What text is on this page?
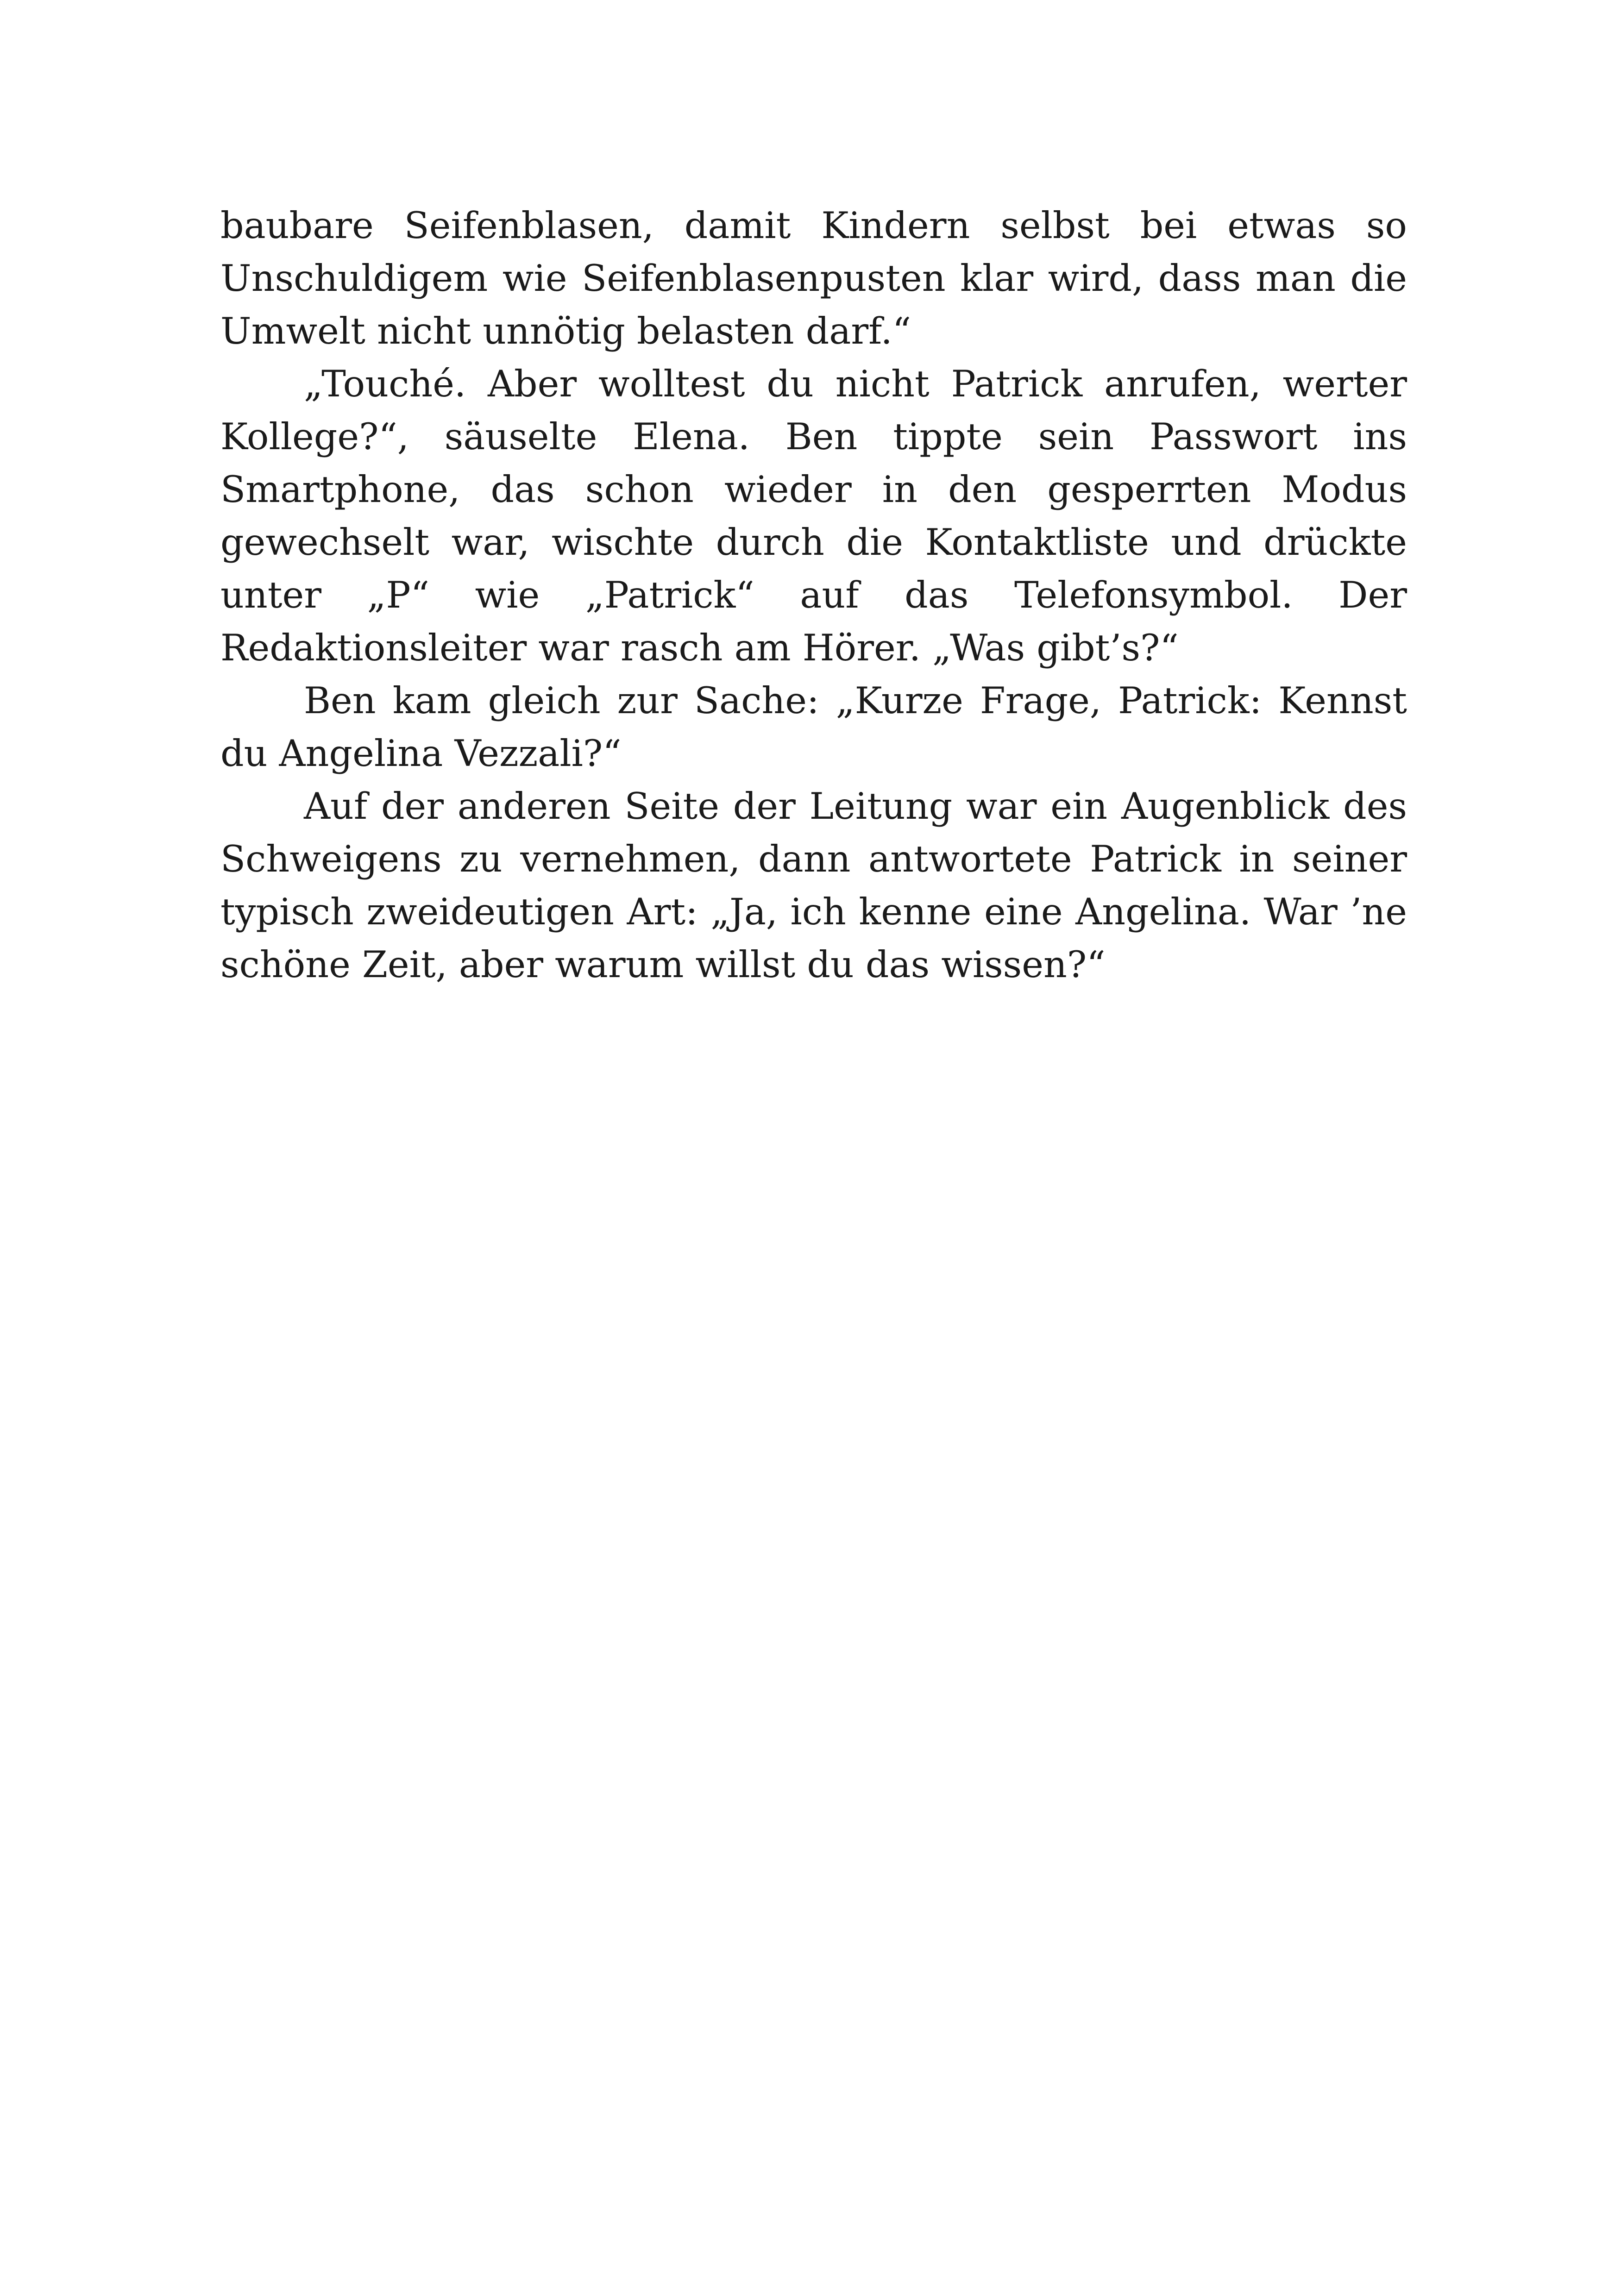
baubare Seifenblasen, damit Kindern selbst bei etwas so Unschuldigem wie Seifenblasenpusten klar wird, dass man die Umwelt nicht unnötig belasten darf.“

„Touché. Aber wolltest du nicht Patrick anrufen, werter Kollege?“, säuselte Elena. Ben tippte sein Passwort ins Smartphone, das schon wieder in den gesperrten Modus gewechselt war, wischte durch die Kontaktliste und drückte unter „P“ wie „Patrick“ auf das Telefonsymbol. Der Redaktionsleiter war rasch am Hörer. „Was gibt’s?“

Ben kam gleich zur Sache: „Kurze Frage, Patrick: Kennst du Angelina Vezzali?“

Auf der anderen Seite der Leitung war ein Augenblick des Schweigens zu vernehmen, dann antwortete Patrick in seiner typisch zweideutigen Art: „Ja, ich kenne eine Angelina. War ’ne schöne Zeit, aber warum willst du das wissen?“
